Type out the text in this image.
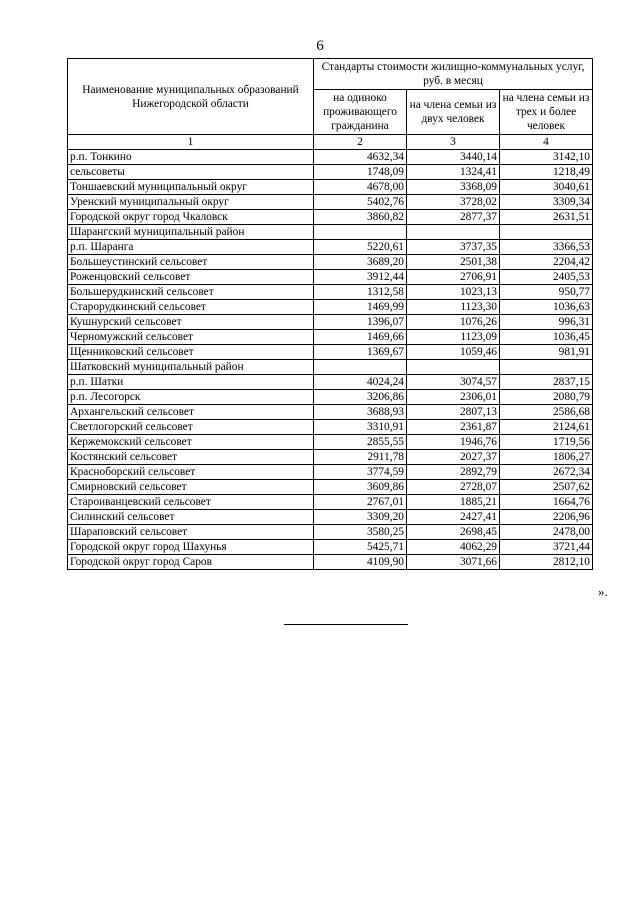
6
Наименование муниципальных образований Нижегородской области	Стандарты стоимости жилищно-коммунальных услуг, руб. в месяц		
	на одиноко проживающего гражданина	на члена семьи из двух человек	на члена семьи из трех и более человек
1	2	3	4
р.п. Тонкино	4632,34	3440,14	3142,10
сельсоветы	1748,09	1324,41	1218,49
Тоншаевский муниципальный округ	4678,00	3368,09	3040,61
Уренский муниципальный округ	5402,76	3728,02	3309,34
Городской округ город Чкаловск	3860,82	2877,37	2631,51
Шарангский муниципальный район			
р.п. Шаранга	5220,61	3737,35	3366,53
Большеустинский сельсовет	3689,20	2501,38	2204,42
Роженцовский сельсовет	3912,44	2706,91	2405,53
Большерудкинский сельсовет	1312,58	1023,13	950,77
Старорудкинский сельсовет	1469,99	1123,30	1036,63
Кушнурский сельсовет	1396,07	1076,26	996,31
Черномужский сельсовет	1469,66	1123,09	1036,45
Щенниковский сельсовет	1369,67	1059,46	981,91
Шатковский муниципальный район			
р.п. Шатки	4024,24	3074,57	2837,15
р.п. Лесогорск	3206,86	2306,01	2080,79
Архангельский сельсовет	3688,93	2807,13	2586,68
Светлогорский сельсовет	3310,91	2361,87	2124,61
Кержемокский сельсовет	2855,55	1946,76	1719,56
Костянский сельсовет	2911,78	2027,37	1806,27
Красноборский сельсовет	3774,59	2892,79	2672,34
Смирновский сельсовет	3609,86	2728,07	2507,62
Староиванцевский сельсовет	2767,01	1885,21	1664,76
Силинский сельсовет	3309,20	2427,41	2206,96
Шараповский сельсовет	3580,25	2698,45	2478,00
Городской округ город Шахунья	5425,71	4062,29	3721,44
Городской округ город Саров	4109,90	3071,66	2812,10
».
